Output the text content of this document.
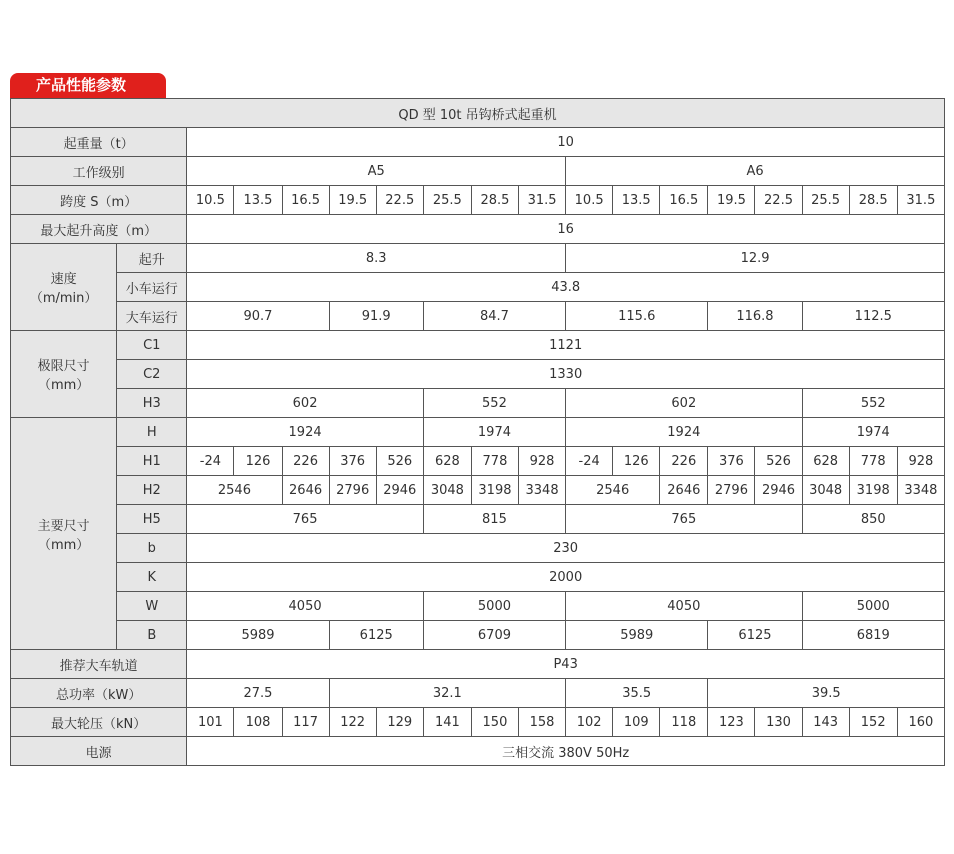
产品性能参数
QD 型 10t 吊钩桥式起重机																	
起重量（t）		10															
工作级别		A5								A6							
跨度 S（m）		10.5	13.5	16.5	19.5	22.5	25.5	28.5	31.5	10.5	13.5	16.5	19.5	22.5	25.5	28.5	31.5
最大起升高度（m）		16															
速度
（m/min）	起升	8.3								12.9							
	小车运行	43.8															
	大车运行	90.7			91.9		84.7			115.6			116.8		112.5		
极限尺寸
（mm）	C1	1121															
	C2	1330															
	H3	602					552			602					552		
主要尺寸
（mm）	H	1924					1974			1924					1974		
	H1	-24	126	226	376	526	628	778	928	-24	126	226	376	526	628	778	928
	H2	2546		2646	2796	2946	3048	3198	3348	2546		2646	2796	2946	3048	3198	3348
	H5	765					815			765					850		
	b	230															
	K	2000															
	W	4050					5000			4050					5000		
	B	5989			6125		6709			5989			6125		6819		
推荐大车轨道		P43															
总功率（kW）		27.5			32.1					35.5			39.5				
最大轮压（kN）		101	108	117	122	129	141	150	158	102	109	118	123	130	143	152	160
电源		三相交流 380V 50Hz															
